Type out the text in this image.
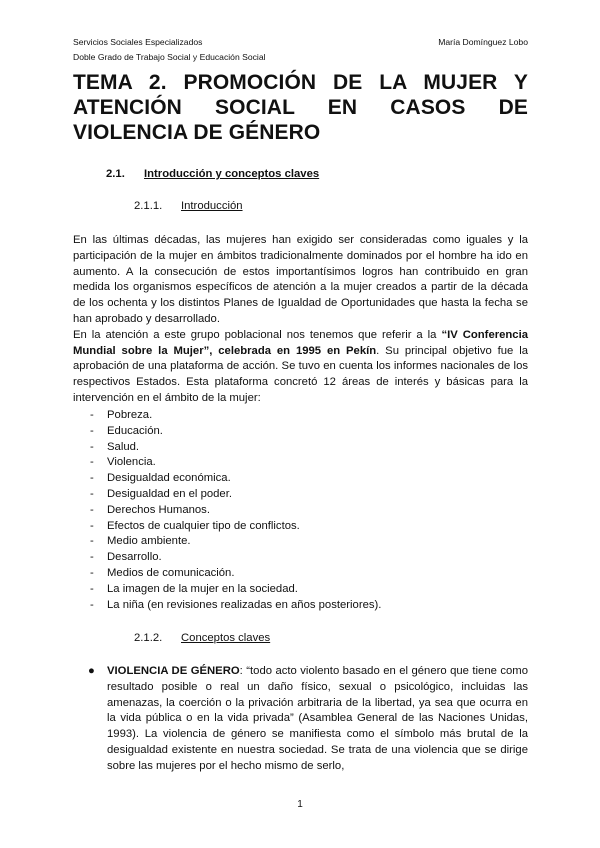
Servicios Sociales Especializados	María Domínguez Lobo
Doble Grado de Trabajo Social y Educación Social
TEMA 2. PROMOCIÓN DE LA MUJER Y ATENCIÓN SOCIAL EN CASOS DE VIOLENCIA DE GÉNERO
2.1. Introducción y conceptos claves
2.1.1. Introducción

En las últimas décadas, las mujeres han exigido ser consideradas como iguales y la participación de la mujer en ámbitos tradicionalmente dominados por el hombre ha ido en aumento. A la consecución de estos importantísimos logros han contribuido en gran medida los organismos específicos de atención a la mujer creados a partir de la década de los ochenta y los distintos Planes de Igualdad de Oportunidades que hasta la fecha se han aprobado y desarrollado.

En la atención a este grupo poblacional nos tenemos que referir a la “IV Conferencia Mundial sobre la Mujer”, celebrada en 1995 en Pekín. Su principal objetivo fue la aprobación de una plataforma de acción. Se tuvo en cuenta los informes nacionales de los respectivos Estados. Esta plataforma concretó 12 áreas de interés y básicas para la intervención en el ámbito de la mujer:

-	Pobreza.
-	Educación.
-	Salud.
-	Violencia.
-	Desigualdad económica.
-	Desigualdad en el poder.
-	Derechos Humanos.
-	Efectos de cualquier tipo de conflictos.
-	Medio ambiente.
-	Desarrollo.
-	Medios de comunicación.
-	La imagen de la mujer en la sociedad.
-	La niña (en revisiones realizadas en años posteriores).
2.1.2. Conceptos claves
● VIOLENCIA DE GÉNERO: “todo acto violento basado en el género que tiene como resultado posible o real un daño físico, sexual o psicológico, incluidas las amenazas, la coerción o la privación arbitraria de la libertad, ya sea que ocurra en la vida pública o en la vida privada” (Asamblea General de las Naciones Unidas, 1993). La violencia de género se manifiesta como el símbolo más brutal de la desigualdad existente en nuestra sociedad. Se trata de una violencia que se dirige sobre las mujeres por el hecho mismo de serlo,
1
